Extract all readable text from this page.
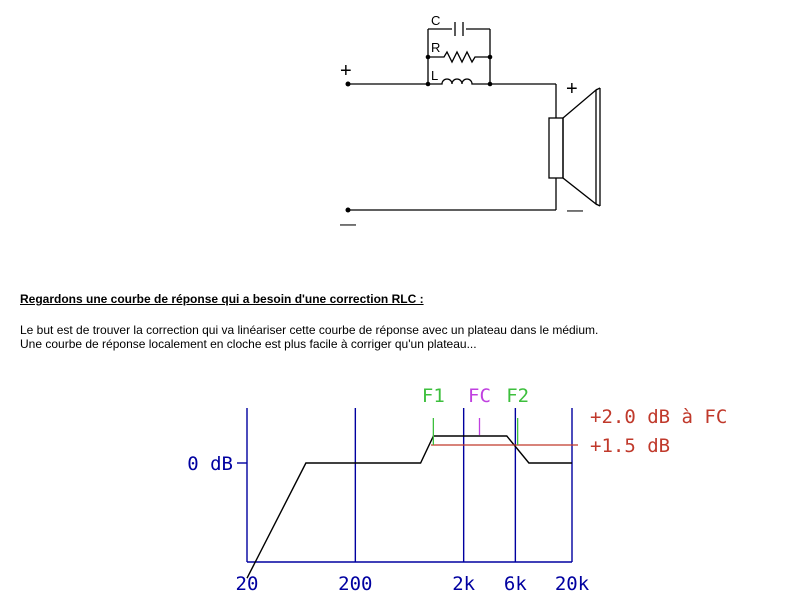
C
R
L
+
—
+
—
Regardons une courbe de réponse qui a besoin d'une correction RLC :
Le but est de trouver la correction qui va linéariser cette courbe de réponse avec un plateau dans le médium.
Une courbe de réponse localement en cloche est plus facile à corriger qu'un plateau...
20	200	2k 6k 20k
0 dB
F1 FC F2
+2.0 dB à FC
+1.5 dB
